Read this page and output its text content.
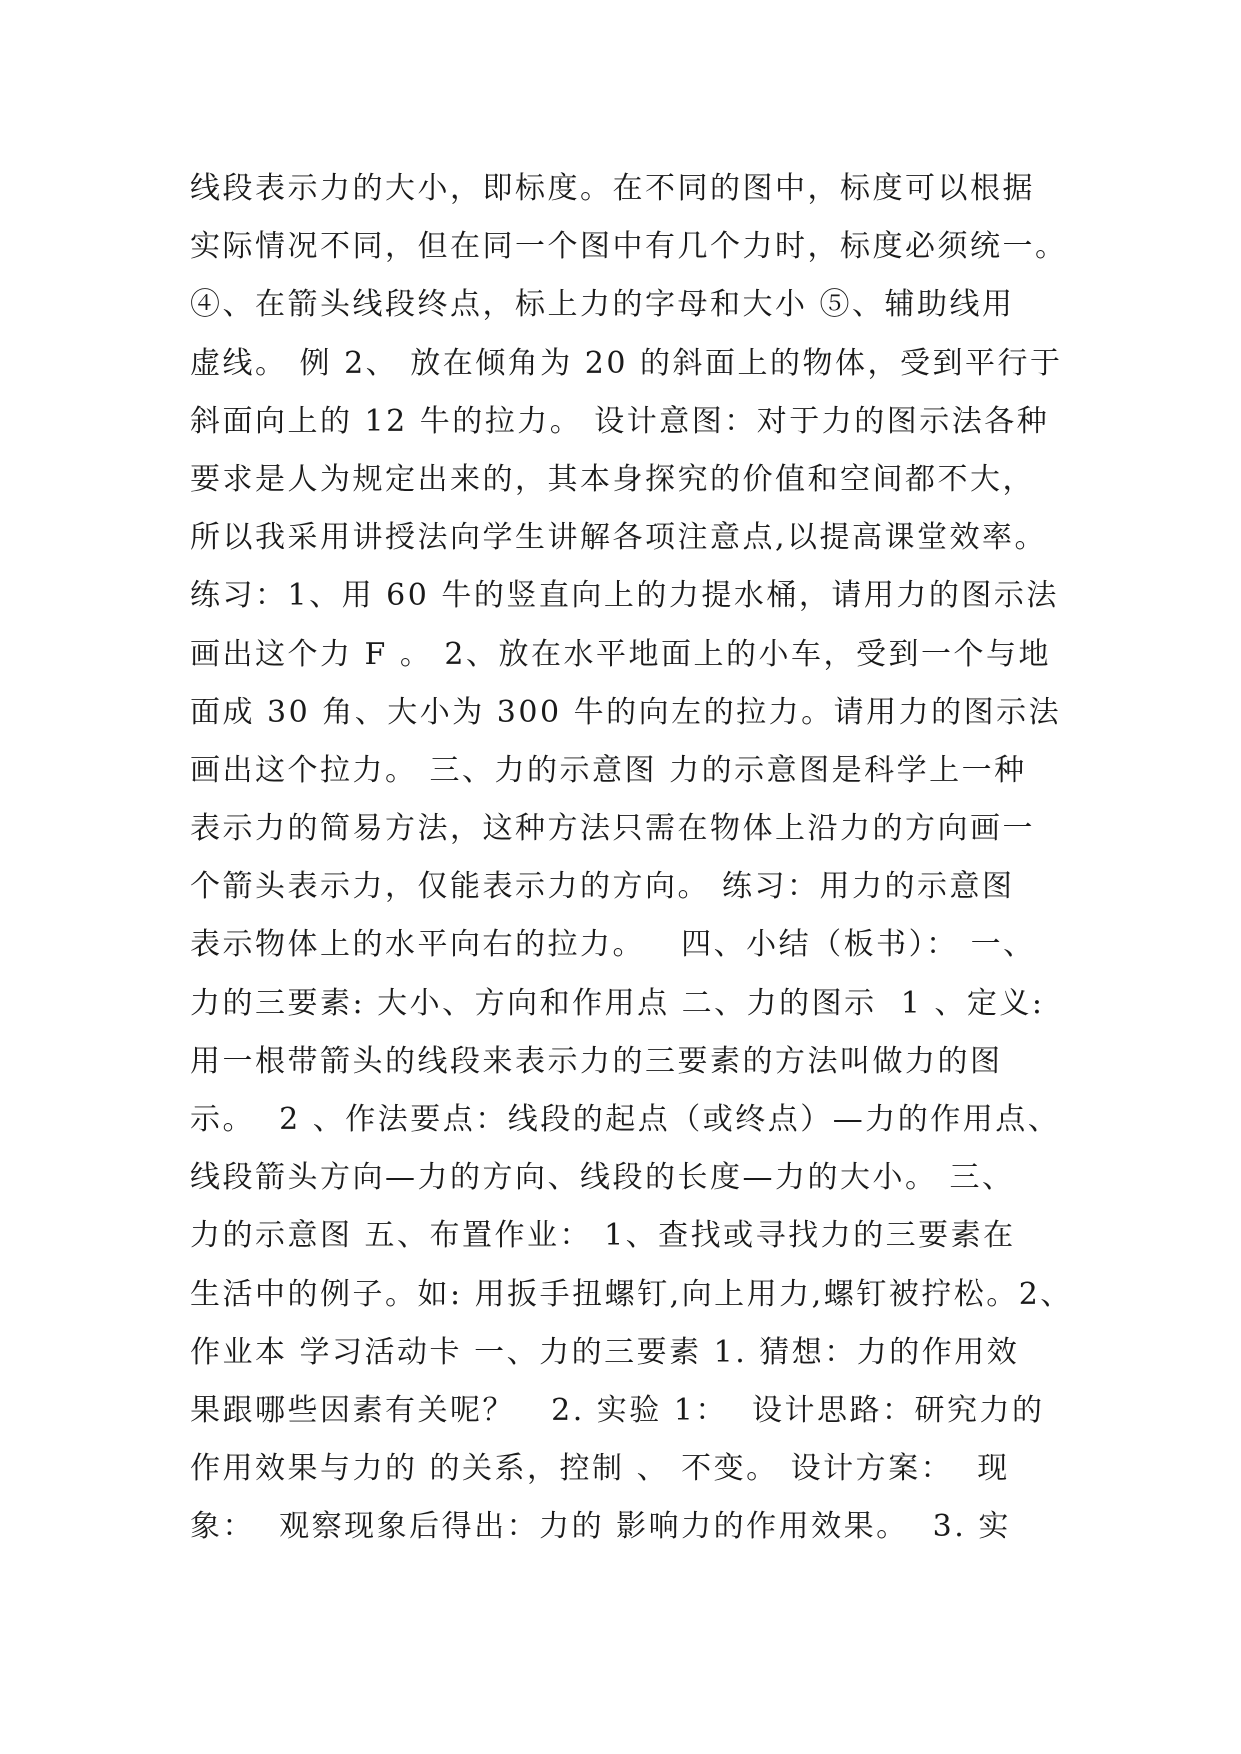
线段表示力的大小，即标度。在不同的图中，标度可以根据
实际情况不同，但在同一个图中有几个力时，标度必须统一。
④、在箭头线段终点，标上力的字母和大小 ⑤、辅助线用
虚线。 例 2、 放在倾角为 20 的斜面上的物体，受到平行于
斜面向上的 12 牛的拉力。 设计意图：对于力的图示法各种
要求是人为规定出来的，其本身探究的价值和空间都不大，
所以我采用讲授法向学生讲解各项注意点,以提高课堂效率。
练习：1、用 60 牛的竖直向上的力提水桶，请用力的图示法
画出这个力 F 。 2、放在水平地面上的小车，受到一个与地
面成 30 角、大小为 300 牛的向左的拉力。请用力的图示法
画出这个拉力。 三、力的示意图 力的示意图是科学上一种
表示力的简易方法，这种方法只需在物体上沿力的方向画一
个箭头表示力，仅能表示力的方向。 练习：用力的示意图
表示物体上的水平向右的拉力。   四、小结（板书）： 一、
力的三要素: 大小、方向和作用点 二、力的图示  1 、定义:
用一根带箭头的线段来表示力的三要素的方法叫做力的图
示。  2 、作法要点：线段的起点（或终点）—力的作用点、
线段箭头方向—力的方向、线段的长度—力的大小。 三、
力的示意图 五、布置作业： 1、查找或寻找力的三要素在
生活中的例子。如: 用扳手扭螺钉,向上用力,螺钉被拧松。2、
作业本 学习活动卡 一、力的三要素 1. 猜想：力的作用效
果跟哪些因素有关呢？   2. 实验 1：  设计思路：研究力的
作用效果与力的 的关系，控制 、 不变。 设计方案：  现
象：  观察现象后得出：力的 影响力的作用效果。  3. 实
